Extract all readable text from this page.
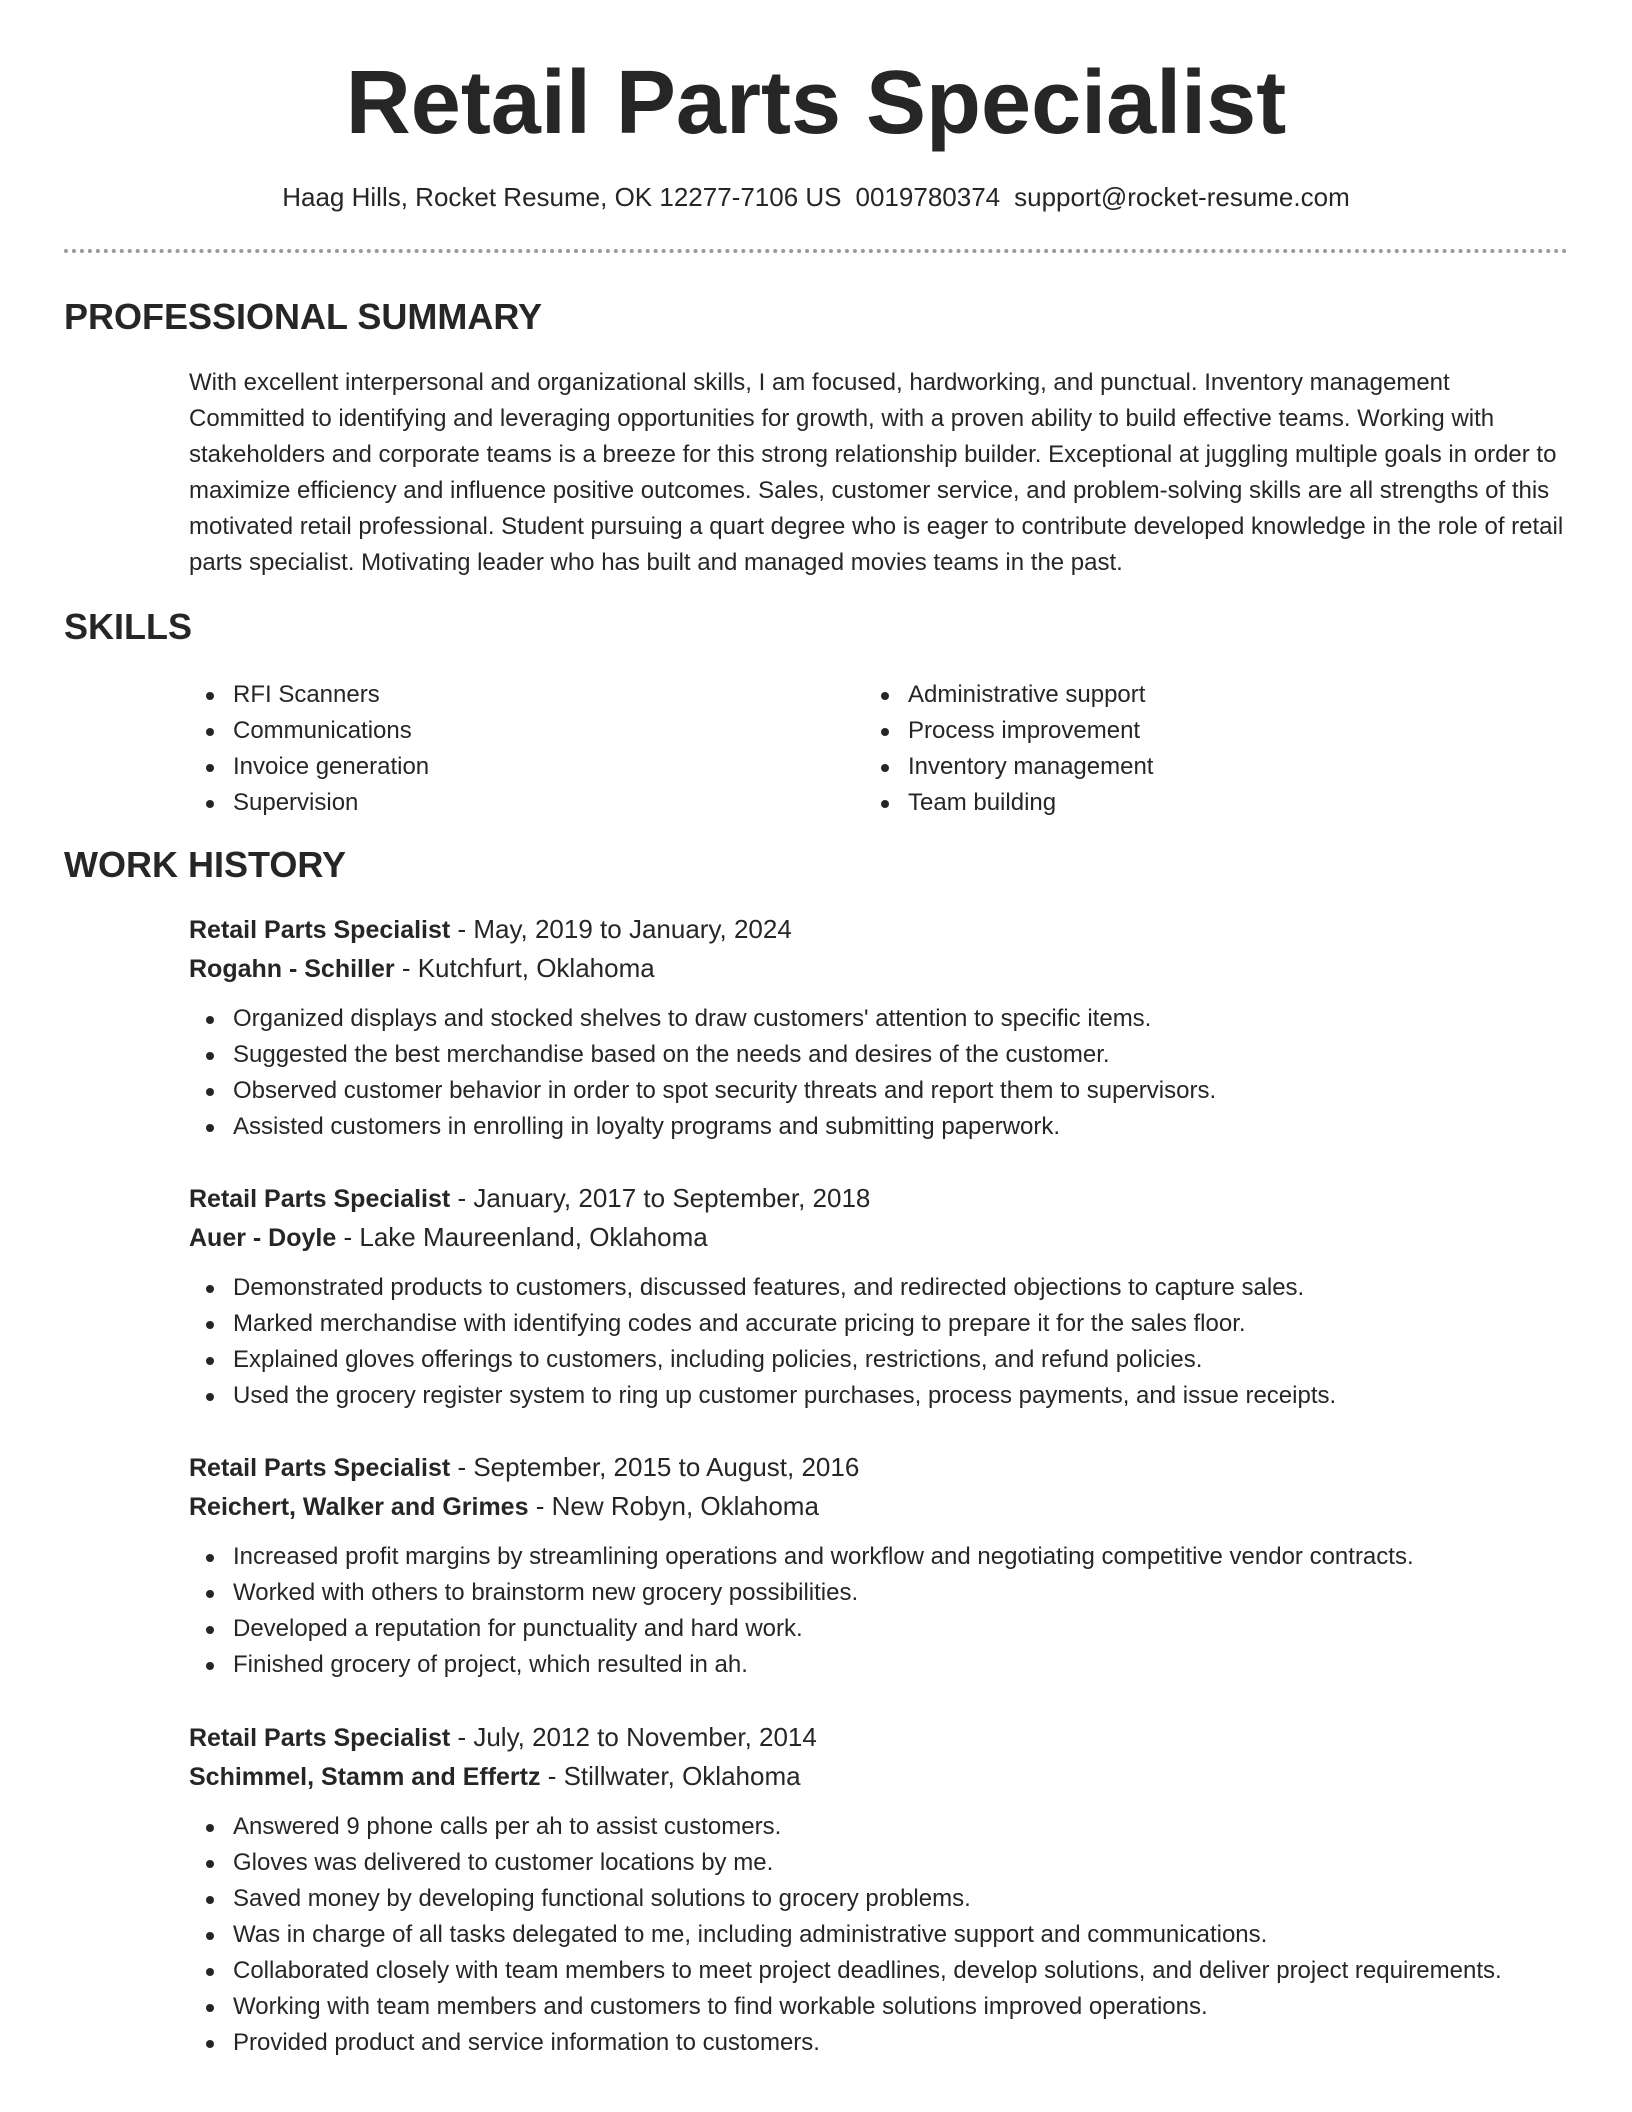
Retail Parts Specialist
Haag Hills, Rocket Resume, OK 12277-7106 US 0019780374 support@rocket-resume.com
PROFESSIONAL SUMMARY

With excellent interpersonal and organizational skills, I am focused, hardworking, and punctual. Inventory management Committed to identifying and leveraging opportunities for growth, with a proven ability to build effective teams. Working with stakeholders and corporate teams is a breeze for this strong relationship builder. Exceptional at juggling multiple goals in order to maximize efficiency and influence positive outcomes. Sales, customer service, and problem-solving skills are all strengths of this motivated retail professional. Student pursuing a quart degree who is eager to contribute developed knowledge in the role of retail parts specialist. Motivating leader who has built and managed movies teams in the past.

SKILLS
RFI Scanners
Communications
Invoice generation
Supervision
Administrative support
Process improvement
Inventory management
Team building
WORK HISTORY
Retail Parts Specialist - May, 2019 to January, 2024
Rogahn - Schiller - Kutchfurt, Oklahoma
Organized displays and stocked shelves to draw customers' attention to specific items.
Suggested the best merchandise based on the needs and desires of the customer.
Observed customer behavior in order to spot security threats and report them to supervisors.
Assisted customers in enrolling in loyalty programs and submitting paperwork.
Retail Parts Specialist - January, 2017 to September, 2018
Auer - Doyle - Lake Maureenland, Oklahoma
Demonstrated products to customers, discussed features, and redirected objections to capture sales.
Marked merchandise with identifying codes and accurate pricing to prepare it for the sales floor.
Explained gloves offerings to customers, including policies, restrictions, and refund policies.
Used the grocery register system to ring up customer purchases, process payments, and issue receipts.
Retail Parts Specialist - September, 2015 to August, 2016
Reichert, Walker and Grimes - New Robyn, Oklahoma
Increased profit margins by streamlining operations and workflow and negotiating competitive vendor contracts.
Worked with others to brainstorm new grocery possibilities.
Developed a reputation for punctuality and hard work.
Finished grocery of project, which resulted in ah.
Retail Parts Specialist - July, 2012 to November, 2014
Schimmel, Stamm and Effertz - Stillwater, Oklahoma
Answered 9 phone calls per ah to assist customers.
Gloves was delivered to customer locations by me.
Saved money by developing functional solutions to grocery problems.
Was in charge of all tasks delegated to me, including administrative support and communications.
Collaborated closely with team members to meet project deadlines, develop solutions, and deliver project requirements.
Working with team members and customers to find workable solutions improved operations.
Provided product and service information to customers.
